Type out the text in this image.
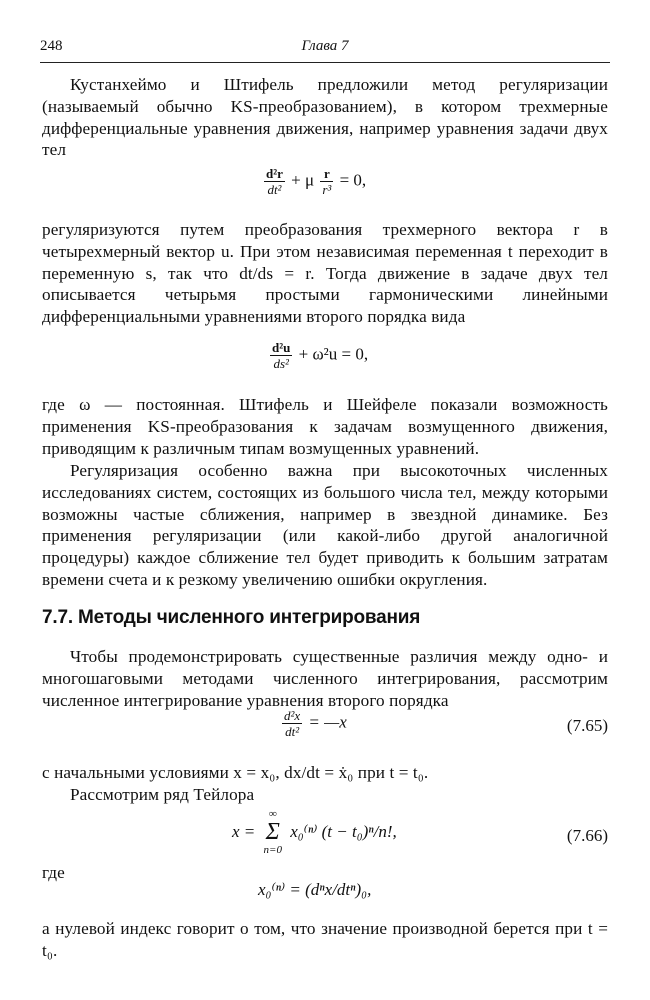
248	Глава 7

Кустанхеймо и Штифель предложили метод регуляризации (называемый обычно KS-преобразованием), в котором трехмерные дифференциальные уравнения движения, например уравнения задачи двух тел

$\frac{\text{d²r}}{\text{dt²}} + \mu \frac{r}{\text{r³}} = 0$,

регуляризуются путем преобразования трехмерного вектора r в четырехмерный вектор u. При этом независимая переменная t переходит в переменную s, так что dt/ds = r. Тогда движение в задаче двух тел описывается четырьмя простыми гармоническими линейными дифференциальными уравнениями второго порядка вида

$\frac{\text{d²u}}{\text{ds²}} + \omega^2u = 0$,

где ω — постоянная. Штифель и Шейфеле показали возможность применения KS-преобразования к задачам возмущенного движения, приводящим к различным типам возмущенных уравнений.

Регуляризация особенно важна при высокоточных численных исследованиях систем, состоящих из большого числа тел, между которыми возможны частые сближения, например в звездной динамике. Без применения регуляризации (или какой-либо другой аналогичной процедуры) каждое сближение тел будет приводить к большим затратам времени счета и к резкому увеличению ошибки округления.

7.7. Методы численного интегрирования

Чтобы продемонстрировать существенные различия между одно- и многошаговыми методами численного интегрирования, рассмотрим численное интегрирование уравнения второго порядка

$\frac{\text{d²x}}{\text{dt²}}$ = —x	(7.65)

с начальными условиями x = x₀, dx/dt = ẋ₀ при t = t₀.

Рассмотрим ряд Тейлора

x =
∞
Σ
n=0
x₀⁽ⁿ⁾ (t − t₀)ⁿ/n!,	(7.66)

где

x₀⁽ⁿ⁾ = (dⁿx/dtⁿ)₀,

а нулевой индекс говорит о том, что значение производной берется при t = t₀.
